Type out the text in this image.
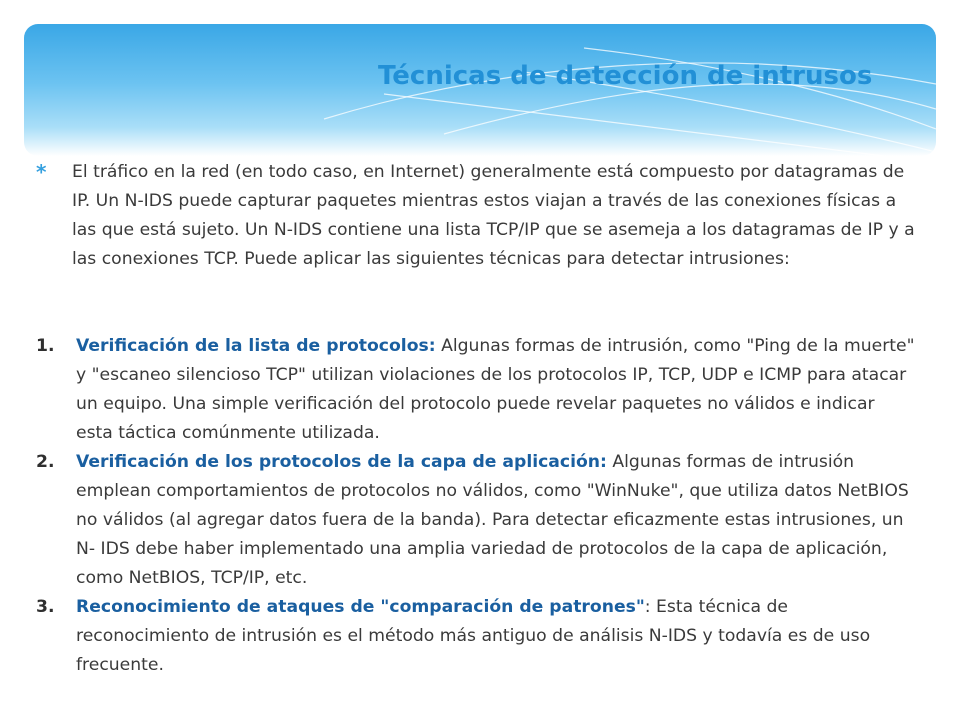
Técnicas de detección de intrusos
*	El tráfico en la red (en todo caso, en Internet) generalmente está compuesto por datagramas de IP. Un N-IDS puede capturar paquetes mientras estos viajan a través de las conexiones físicas a las que está sujeto. Un N-IDS contiene una lista TCP/IP que se asemeja a los datagramas de IP y a las conexiones TCP. Puede aplicar las siguientes técnicas para detectar intrusiones:
1.	Verificación de la lista de protocolos: Algunas formas de intrusión, como "Ping de la muerte" y "escaneo silencioso TCP" utilizan violaciones de los protocolos IP, TCP, UDP e ICMP para atacar un equipo. Una simple verificación del protocolo puede revelar paquetes no válidos e indicar esta táctica comúnmente utilizada.
2.	Verificación de los protocolos de la capa de aplicación: Algunas formas de intrusión emplean comportamientos de protocolos no válidos, como "WinNuke", que utiliza datos NetBIOS no válidos (al agregar datos fuera de la banda). Para detectar eficazmente estas intrusiones, un N- IDS debe haber implementado una amplia variedad de protocolos de la capa de aplicación, como NetBIOS, TCP/IP, etc.
3.	Reconocimiento de ataques de "comparación de patrones": Esta técnica de reconocimiento de intrusión es el método más antiguo de análisis N-IDS y todavía es de uso frecuente.
